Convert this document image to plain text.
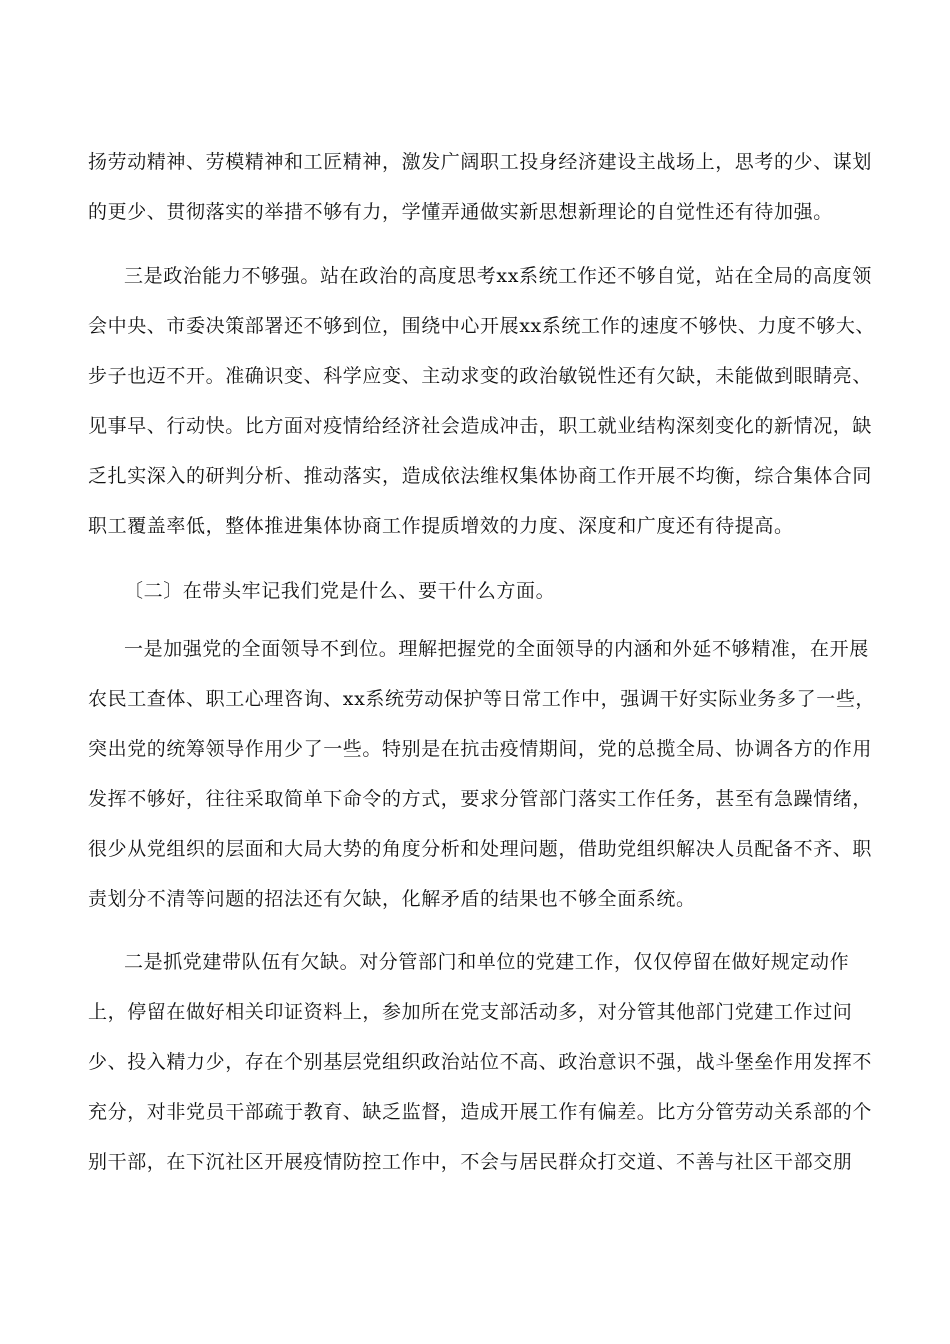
扬劳动精神、劳模精神和工匠精神，激发广阔职工投身经济建设主战场上，思考的少、谋划
的更少、贯彻落实的举措不够有力，学懂弄通做实新思想新理论的自觉性还有待加强。
三是政治能力不够强。站在政治的高度思考xx系统工作还不够自觉，站在全局的高度领
会中央、市委决策部署还不够到位，围绕中心开展xx系统工作的速度不够快、力度不够大、
步子也迈不开。准确识变、科学应变、主动求变的政治敏锐性还有欠缺，未能做到眼睛亮、
见事早、行动快。比方面对疫情给经济社会造成冲击，职工就业结构深刻变化的新情况，缺
乏扎实深入的研判分析、推动落实，造成依法维权集体协商工作开展不均衡，综合集体合同
职工覆盖率低，整体推进集体协商工作提质增效的力度、深度和广度还有待提高。
〔二〕在带头牢记我们党是什么、要干什么方面。
一是加强党的全面领导不到位。理解把握党的全面领导的内涵和外延不够精准，在开展
农民工查体、职工心理咨询、xx系统劳动保护等日常工作中，强调干好实际业务多了一些，
突出党的统筹领导作用少了一些。特别是在抗击疫情期间，党的总揽全局、协调各方的作用
发挥不够好，往往采取简单下命令的方式，要求分管部门落实工作任务，甚至有急躁情绪，
很少从党组织的层面和大局大势的角度分析和处理问题，借助党组织解决人员配备不齐、职
责划分不清等问题的招法还有欠缺，化解矛盾的结果也不够全面系统。
二是抓党建带队伍有欠缺。对分管部门和单位的党建工作，仅仅停留在做好规定动作
上，停留在做好相关印证资料上，参加所在党支部活动多，对分管其他部门党建工作过问
少、投入精力少，存在个别基层党组织政治站位不高、政治意识不强，战斗堡垒作用发挥不
充分，对非党员干部疏于教育、缺乏监督，造成开展工作有偏差。比方分管劳动关系部的个
别干部，在下沉社区开展疫情防控工作中，不会与居民群众打交道、不善与社区干部交朋
